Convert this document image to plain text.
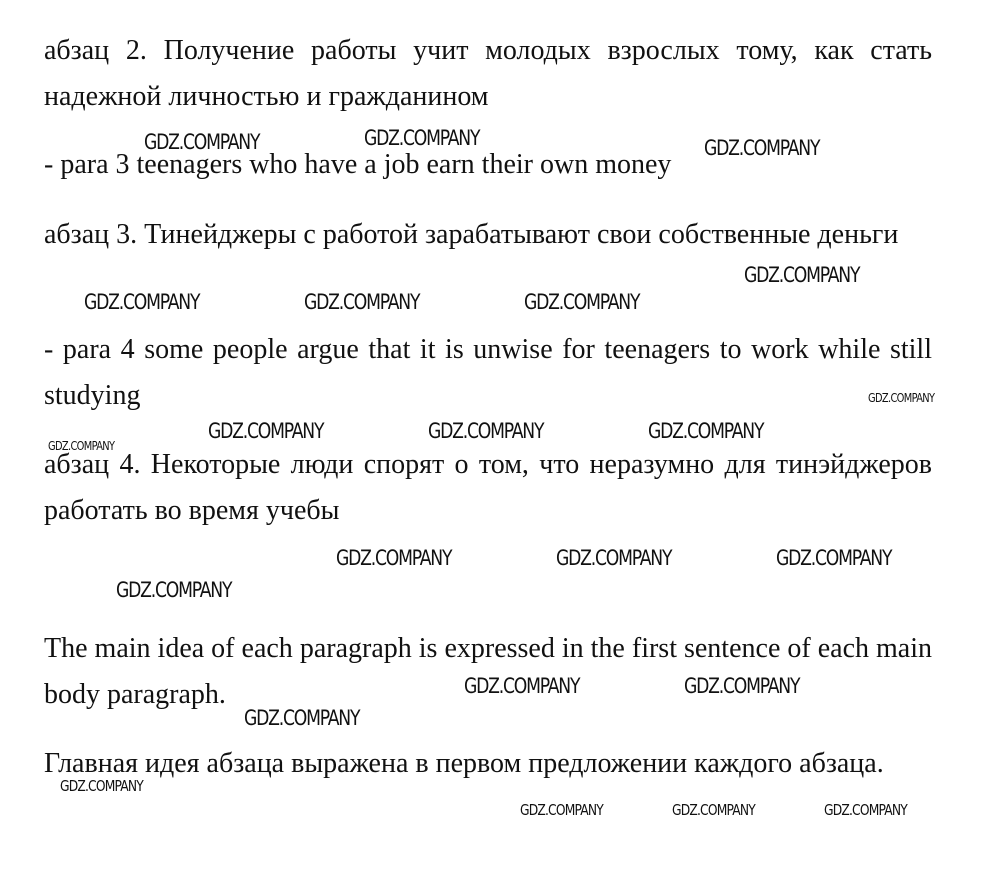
абзац 2. Получение работы учит молодых взрослых тому, как стать надежной личностью и гражданином

- para 3 teenagers who have a job earn their own money

абзац 3. Тинейджеры с работой зарабатывают свои собственные деньги

- para 4 some people argue that it is unwise for teenagers to work while still studying

абзац 4. Некоторые люди спорят о том, что неразумно для тинэйджеров работать во время учебы

The main idea of each paragraph is expressed in the first sentence of each main body paragraph.

Главная идея абзаца выражена в первом предложении каждого абзаца.

GDZ.COMPANY	GDZ.COMPANY	GDZ.COMPANY
GDZ.COMPANY
GDZ.COMPANY	GDZ.COMPANY	GDZ.COMPANY
GDZ.COMPANY
GDZ.COMPANY
GDZ.COMPANY	GDZ.COMPANY	GDZ.COMPANY
GDZ.COMPANY	GDZ.COMPANY	GDZ.COMPANY
GDZ.COMPANY
GDZ.COMPANY	GDZ.COMPANY
GDZ.COMPANY
GDZ.COMPANY
GDZ.COMPANY	GDZ.COMPANY	GDZ.COMPANY
